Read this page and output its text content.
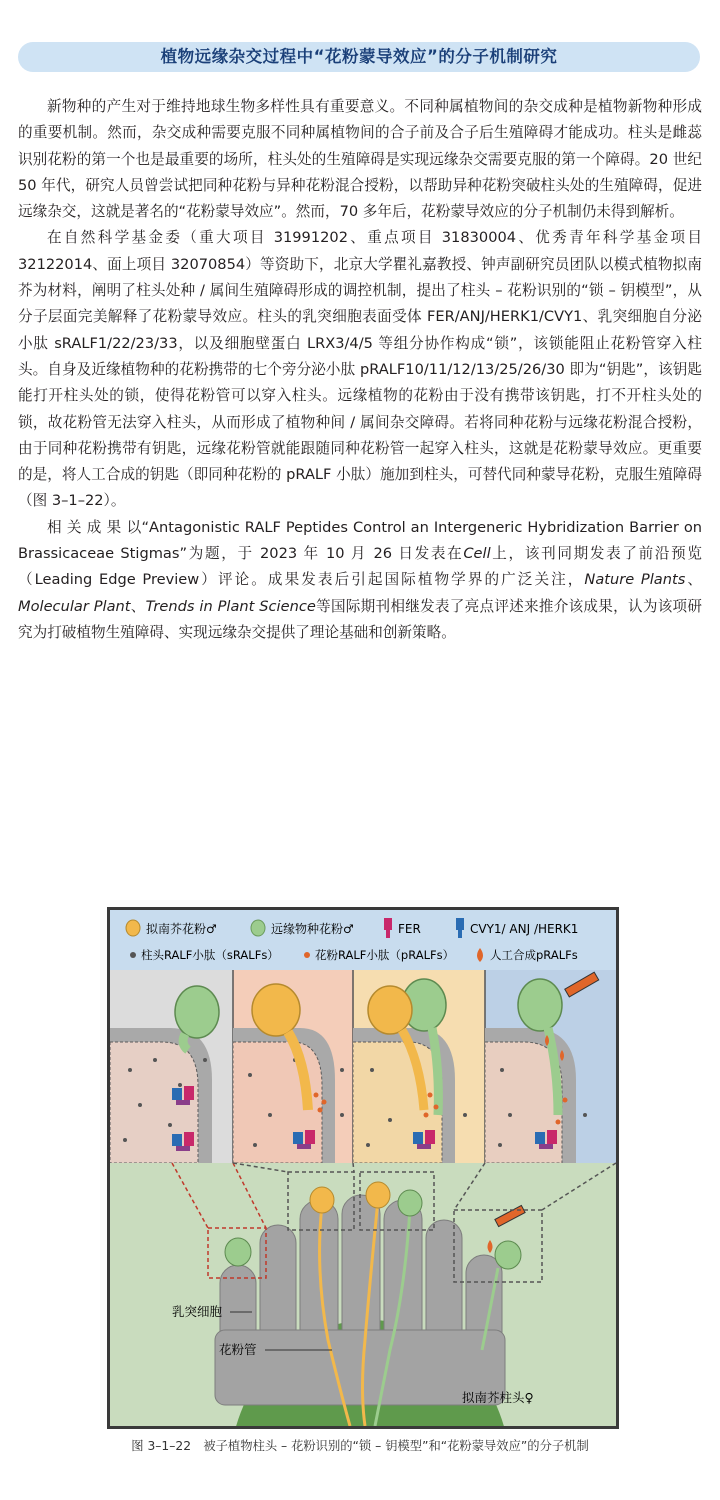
植物远缘杂交过程中“花粉蒙导效应”的分子机制研究

新物种的产生对于维持地球生物多样性具有重要意义。不同种属植物间的杂交成种是植物新物种形成的重要机制。然而，杂交成种需要克服不同种属植物间的合子前及合子后生殖障碍才能成功。柱头是雌蕊识别花粉的第一个也是最重要的场所，柱头处的生殖障碍是实现远缘杂交需要克服的第一个障碍。20 世纪 50 年代，研究人员曾尝试把同种花粉与异种花粉混合授粉，以帮助异种花粉突破柱头处的生殖障碍，促进远缘杂交，这就是著名的“花粉蒙导效应”。然而，70 多年后，花粉蒙导效应的分子机制仍未得到解析。

在自然科学基金委（重大项目 31991202、重点项目 31830004、优秀青年科学基金项目 32122014、面上项目 32070854）等资助下，北京大学瞿礼嘉教授、钟声副研究员团队以模式植物拟南芥为材料，阐明了柱头处种 / 属间生殖障碍形成的调控机制，提出了柱头 – 花粉识别的“锁 – 钥模型”，从分子层面完美解释了花粉蒙导效应。柱头的乳突细胞表面受体 FER/ANJ/HERK1/CVY1、乳突细胞自分泌小肽 sRALF1/22/23/33，以及细胞壁蛋白 LRX3/4/5 等组分协作构成“锁”，该锁能阻止花粉管穿入柱头。自身及近缘植物种的花粉携带的七个旁分泌小肽 pRALF10/11/12/13/25/26/30 即为“钥匙”，该钥匙能打开柱头处的锁，使得花粉管可以穿入柱头。远缘植物的花粉由于没有携带该钥匙，打不开柱头处的锁，故花粉管无法穿入柱头，从而形成了植物种间 / 属间杂交障碍。若将同种花粉与远缘花粉混合授粉，由于同种花粉携带有钥匙，远缘花粉管就能跟随同种花粉管一起穿入柱头，这就是花粉蒙导效应。更重要的是，将人工合成的钥匙（即同种花粉的 pRALF 小肽）施加到柱头，可替代同种蒙导花粉，克服生殖障碍（图 3–1–22）。

相 关 成 果 以“Antagonistic RALF Peptides Control an Intergeneric Hybridization Barrier on Brassicaceae Stigmas”为题，于 2023 年 10 月 26 日发表在Cell上，该刊同期发表了前沿预览（Leading Edge Preview）评论。成果发表后引起国际植物学界的广泛关注，Nature Plants、Molecular Plant、Trends in Plant Science等国际期刊相继发表了亮点评述来推介该成果，认为该项研究为打破植物生殖障碍、实现远缘杂交提供了理论基础和创新策略。

拟南芥花粉♂	远缘物种花粉♂	FER	CVY1/ ANJ /HERK1
柱头RALF小肽（sRALFs）	花粉RALF小肽（pRALFs）	人工合成pRALFs
乳突细胞
花粉管
拟南芥柱头♀
图 3–1–22　被子植物柱头 – 花粉识别的“锁 – 钥模型”和“花粉蒙导效应”的分子机制
